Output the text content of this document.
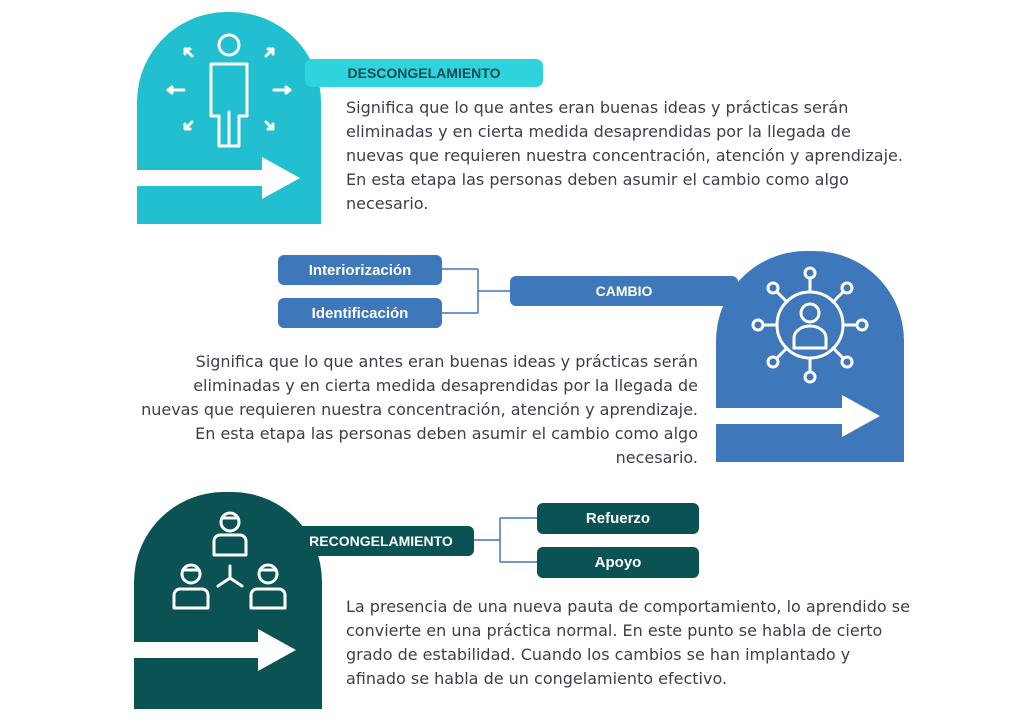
DESCONGELAMIENTO

Significa que lo que antes eran buenas ideas y prácticas serán eliminadas y en cierta medida desaprendidas por la llegada de nuevas que requieren nuestra concentración, atención y aprendizaje. En esta etapa las personas deben asumir el cambio como algo necesario.

Interiorización
Identificación
CAMBIO

Significa que lo que antes eran buenas ideas y prácticas serán eliminadas y en cierta medida desaprendidas por la llegada de nuevas que requieren nuestra concentración, atención y aprendizaje. En esta etapa las personas deben asumir el cambio como algo necesario.

RECONGELAMIENTO
Refuerzo
Apoyo

La presencia de una nueva pauta de comportamiento, lo aprendido se convierte en una práctica normal. En este punto se habla de cierto grado de estabilidad. Cuando los cambios se han implantado y afinado se habla de un congelamiento efectivo.
